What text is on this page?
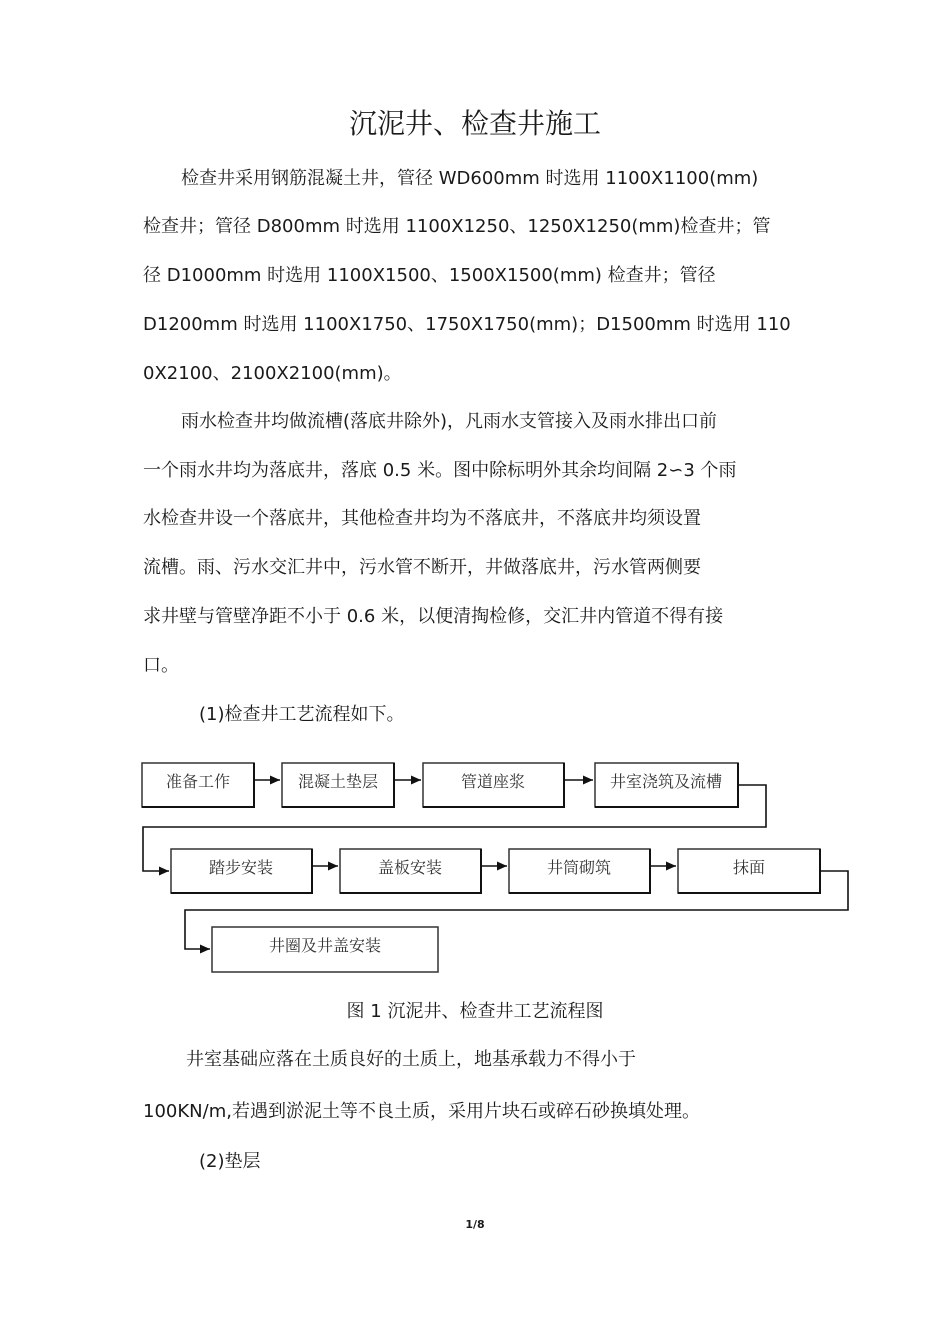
沉泥井、检查井施工
检查井采用钢筋混凝土井，管径 WD600mm 时选用 1100X1100(mm)
检查井；管径 D800mm 时选用 1100X1250、1250X1250(mm)检查井；管
径 D1000mm 时选用 1100X1500、1500X1500(mm) 检查井；管径
D1200mm 时选用 1100X1750、1750X1750(mm)；D1500mm 时选用 110
0X2100、2100X2100(mm)。
雨水检查井均做流槽(落底井除外)，凡雨水支管接入及雨水排出口前
一个雨水井均为落底井，落底 0.5 米。图中除标明外其余均间隔 2∽3 个雨
水检查井设一个落底井，其他检查井均为不落底井，不落底井均须设置
流槽。雨、污水交汇井中，污水管不断开，井做落底井，污水管两侧要
求井壁与管壁净距不小于 0.6 米，以便清掏检修，交汇井内管道不得有接
口。
(1)检查井工艺流程如下。
准备工作	混凝土垫层	管道座浆	井室浇筑及流槽
踏步安装	盖板安装	井筒砌筑	抹面
井圈及井盖安装
图 1 沉泥井、检查井工艺流程图
井室基础应落在土质良好的土质上，地基承载力不得小于
100KN/m,若遇到淤泥土等不良土质，采用片块石或碎石砂换填处理。
(2)垫层
1/8
